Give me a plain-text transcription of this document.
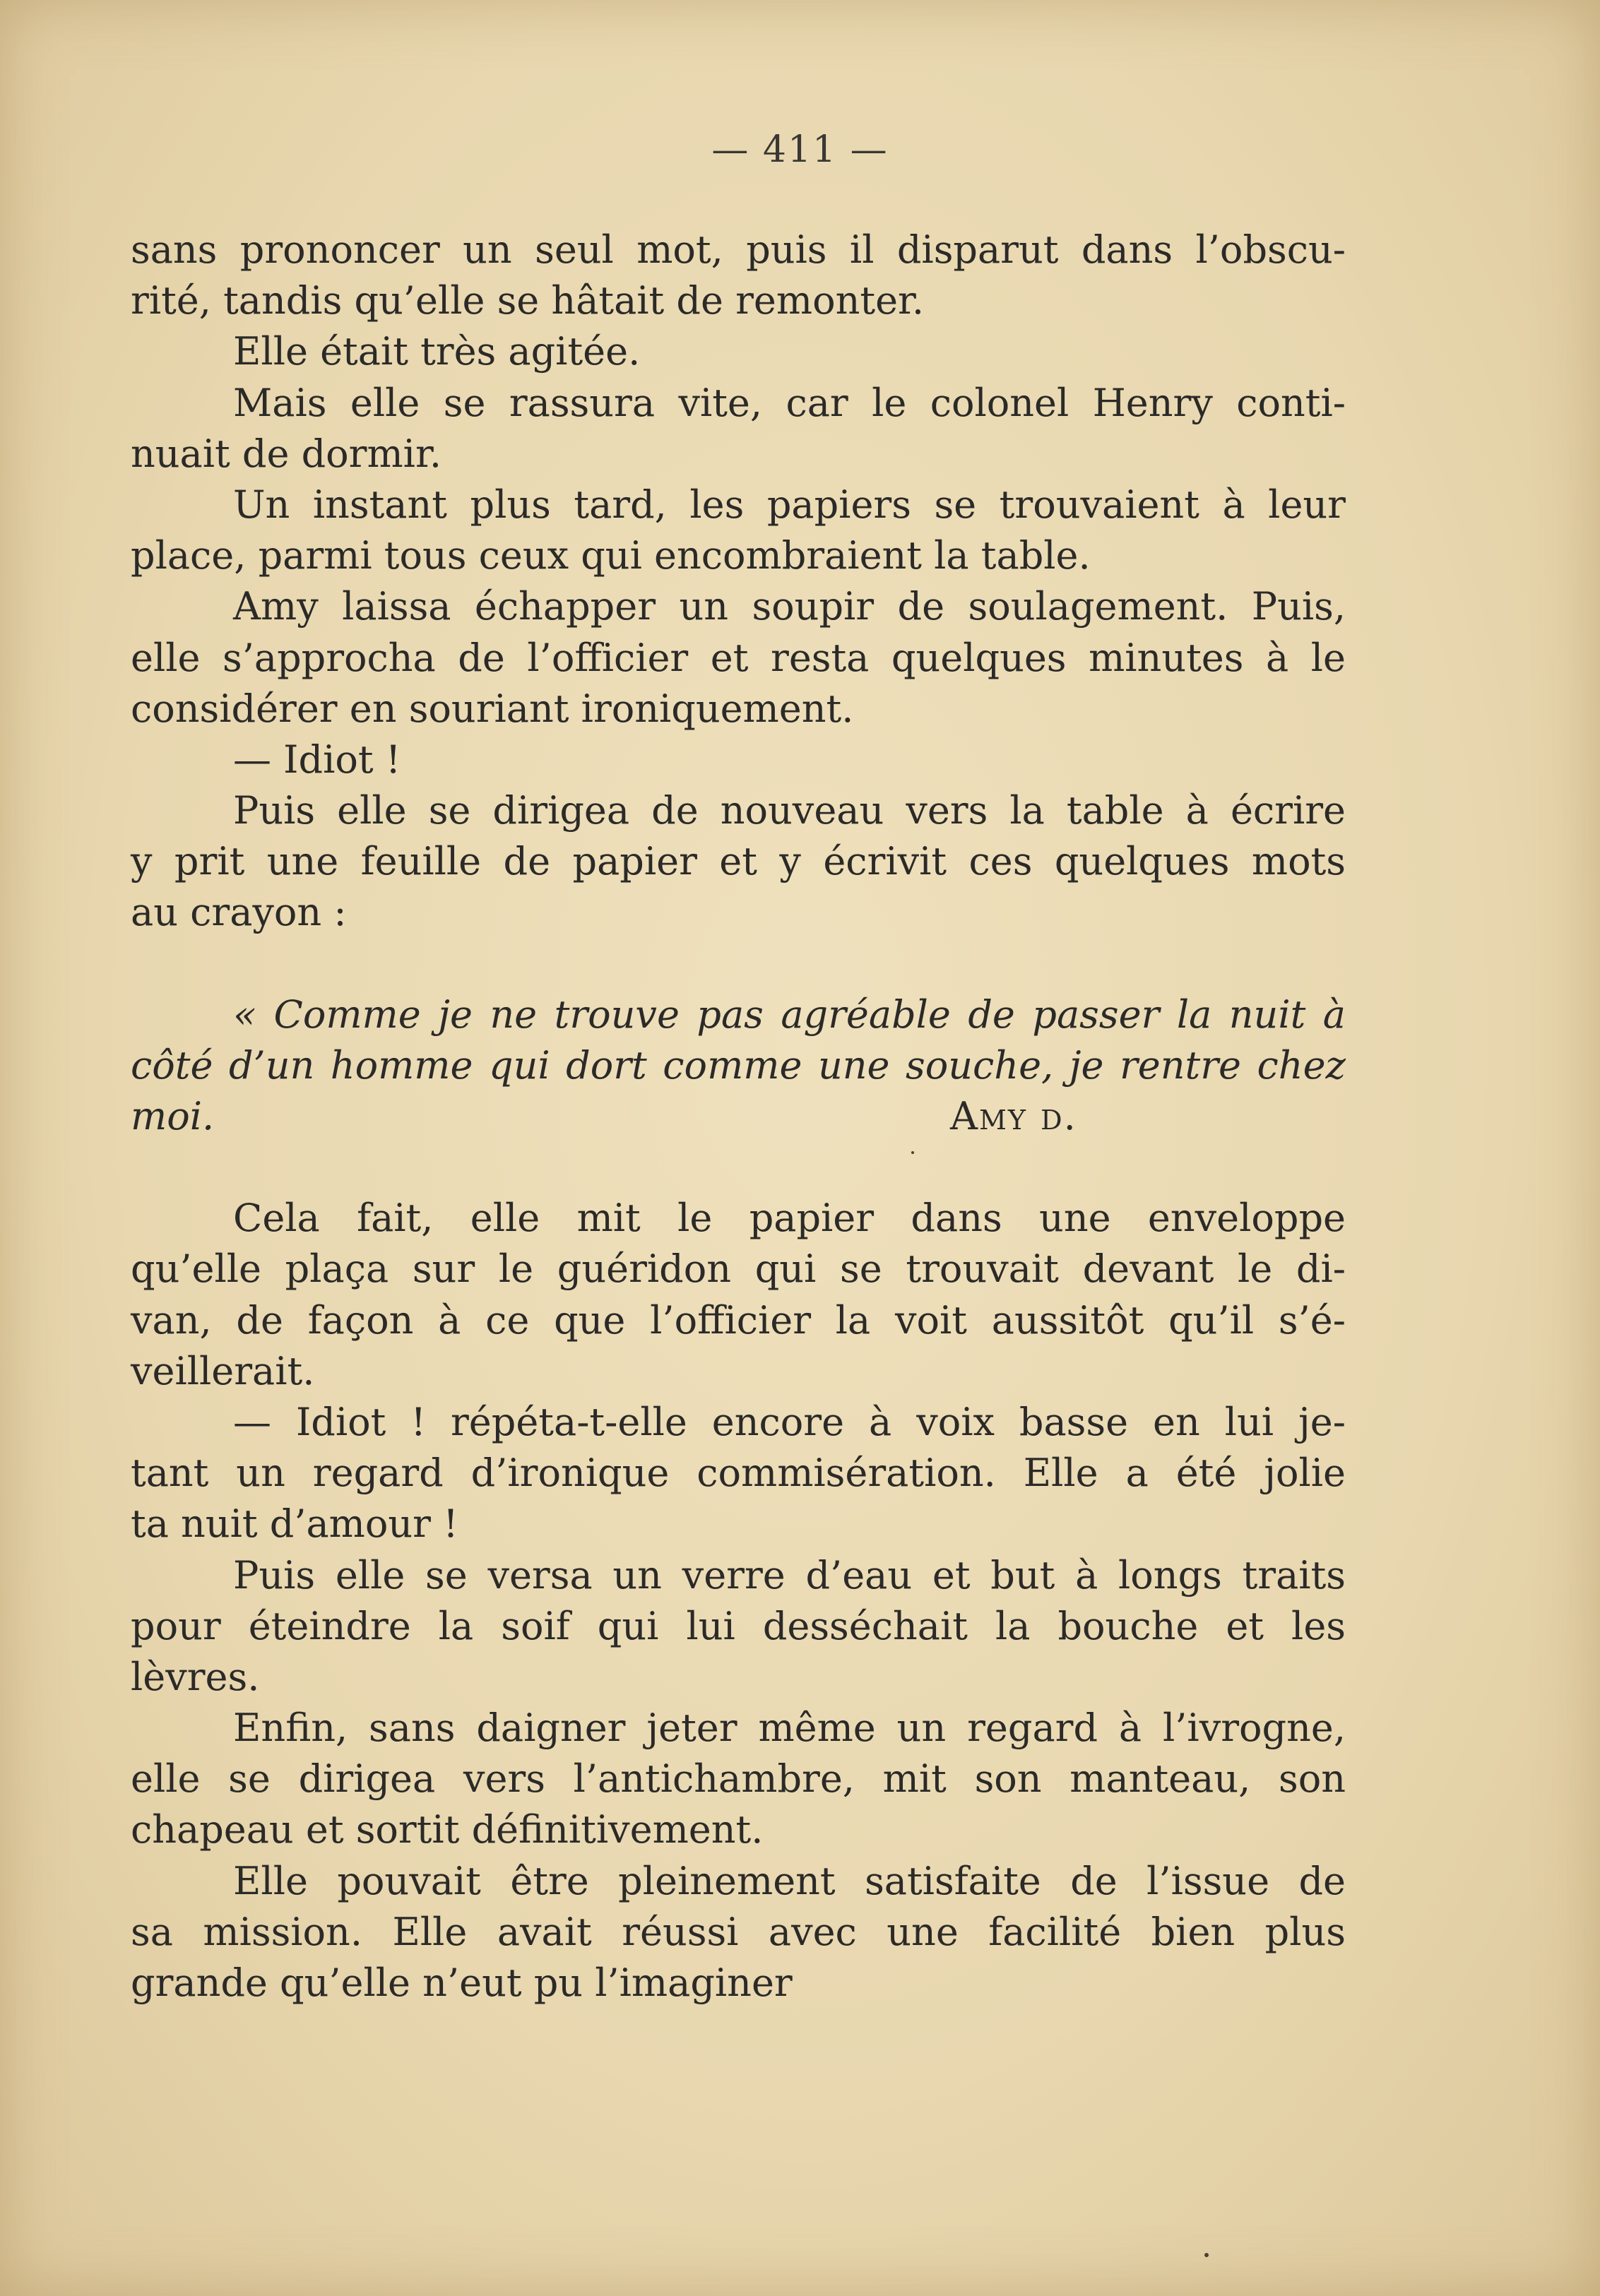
— 411 —
sans prononcer un seul mot, puis il disparut dans l’obscu-
rité, tandis qu’elle se hâtait de remonter.
Elle était très agitée.
Mais elle se rassura vite, car le colonel Henry conti-
nuait de dormir.
Un instant plus tard, les papiers se trouvaient à leur
place, parmi tous ceux qui encombraient la table.
Amy laissa échapper un soupir de soulagement. Puis,
elle s’approcha de l’officier et resta quelques minutes à le
considérer en souriant ironiquement.
— Idiot !
Puis elle se dirigea de nouveau vers la table à écrire
y prit une feuille de papier et y écrivit ces quelques mots
au crayon :
« Comme je ne trouve pas agréable de passer la nuit à
côté d’un homme qui dort comme une souche, je rentre chez
moi.	Amy d.
Cela fait, elle mit le papier dans une enveloppe
qu’elle plaça sur le guéridon qui se trouvait devant le di-
van, de façon à ce que l’officier la voit aussitôt qu’il s’é-
veillerait.
— Idiot ! répéta-t-elle encore à voix basse en lui je-
tant un regard d’ironique commisération. Elle a été jolie
ta nuit d’amour !
Puis elle se versa un verre d’eau et but à longs traits
pour éteindre la soif qui lui desséchait la bouche et les
lèvres.
Enfin, sans daigner jeter même un regard à l’ivrogne,
elle se dirigea vers l’antichambre, mit son manteau, son
chapeau et sortit définitivement.
Elle pouvait être pleinement satisfaite de l’issue de
sa mission. Elle avait réussi avec une facilité bien plus
grande qu’elle n’eut pu l’imaginer
